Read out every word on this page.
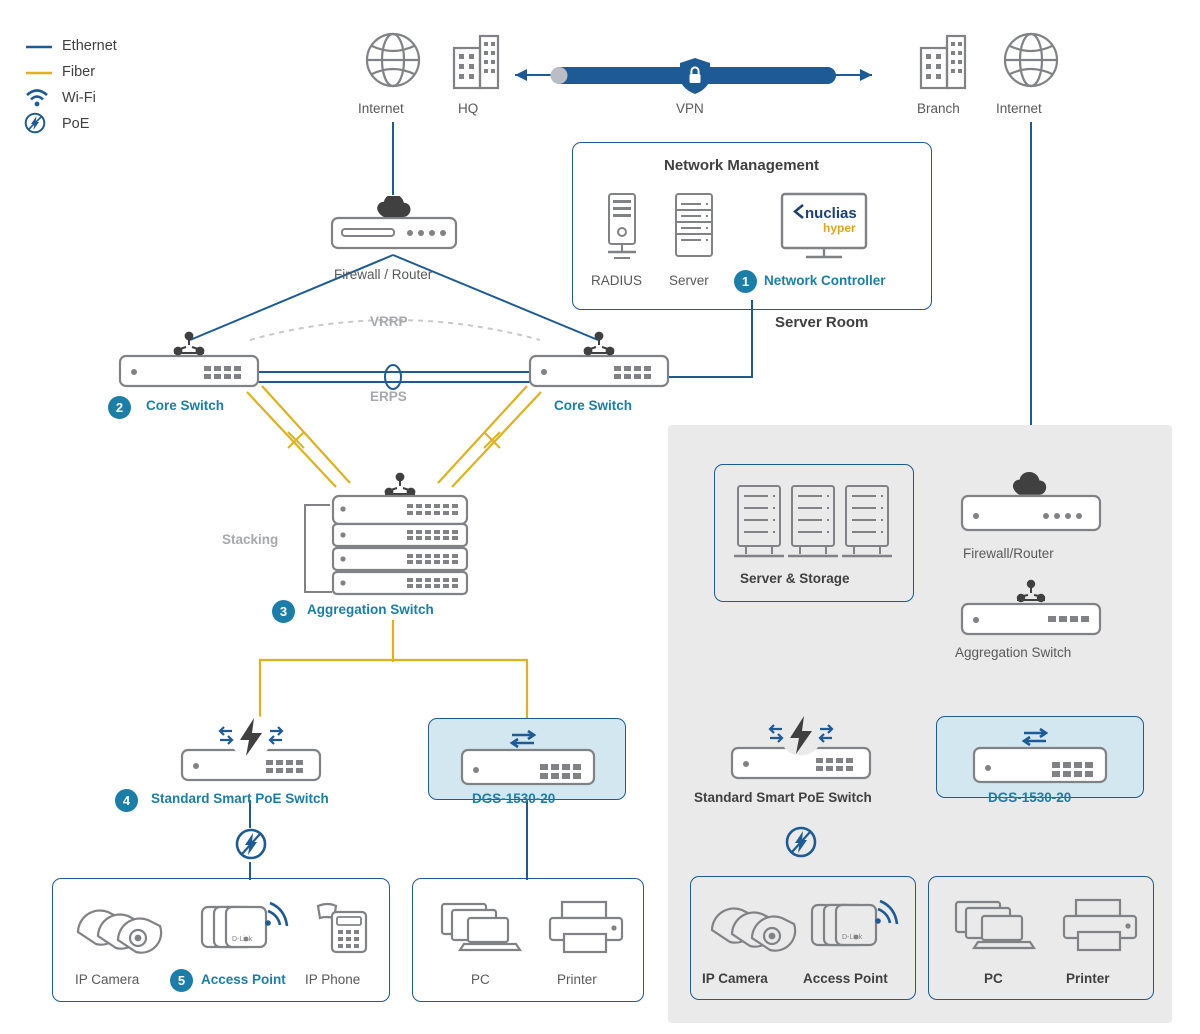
Ethernet
Fiber
Wi-Fi
PoE
Internet	HQ	VPN	Branch	Internet
Network Management
RADIUS Server
nuclias
hyper
1	Network Controller
Server Room
Firewall / Router
VRRP
ERPS
Stacking
2	Core Switch	Core Switch
3	Aggregation Switch
4	Standard Smart PoE Switch	DGS-1530-20
IP Camera
D-Link
5	Access Point IP Phone	PC	Printer
Firewall/Router
Server & Storage
Aggregation Switch
Standard Smart PoE Switch	DGS-1530-20
IP Camera
D-Link
Access Point	PC	Printer
